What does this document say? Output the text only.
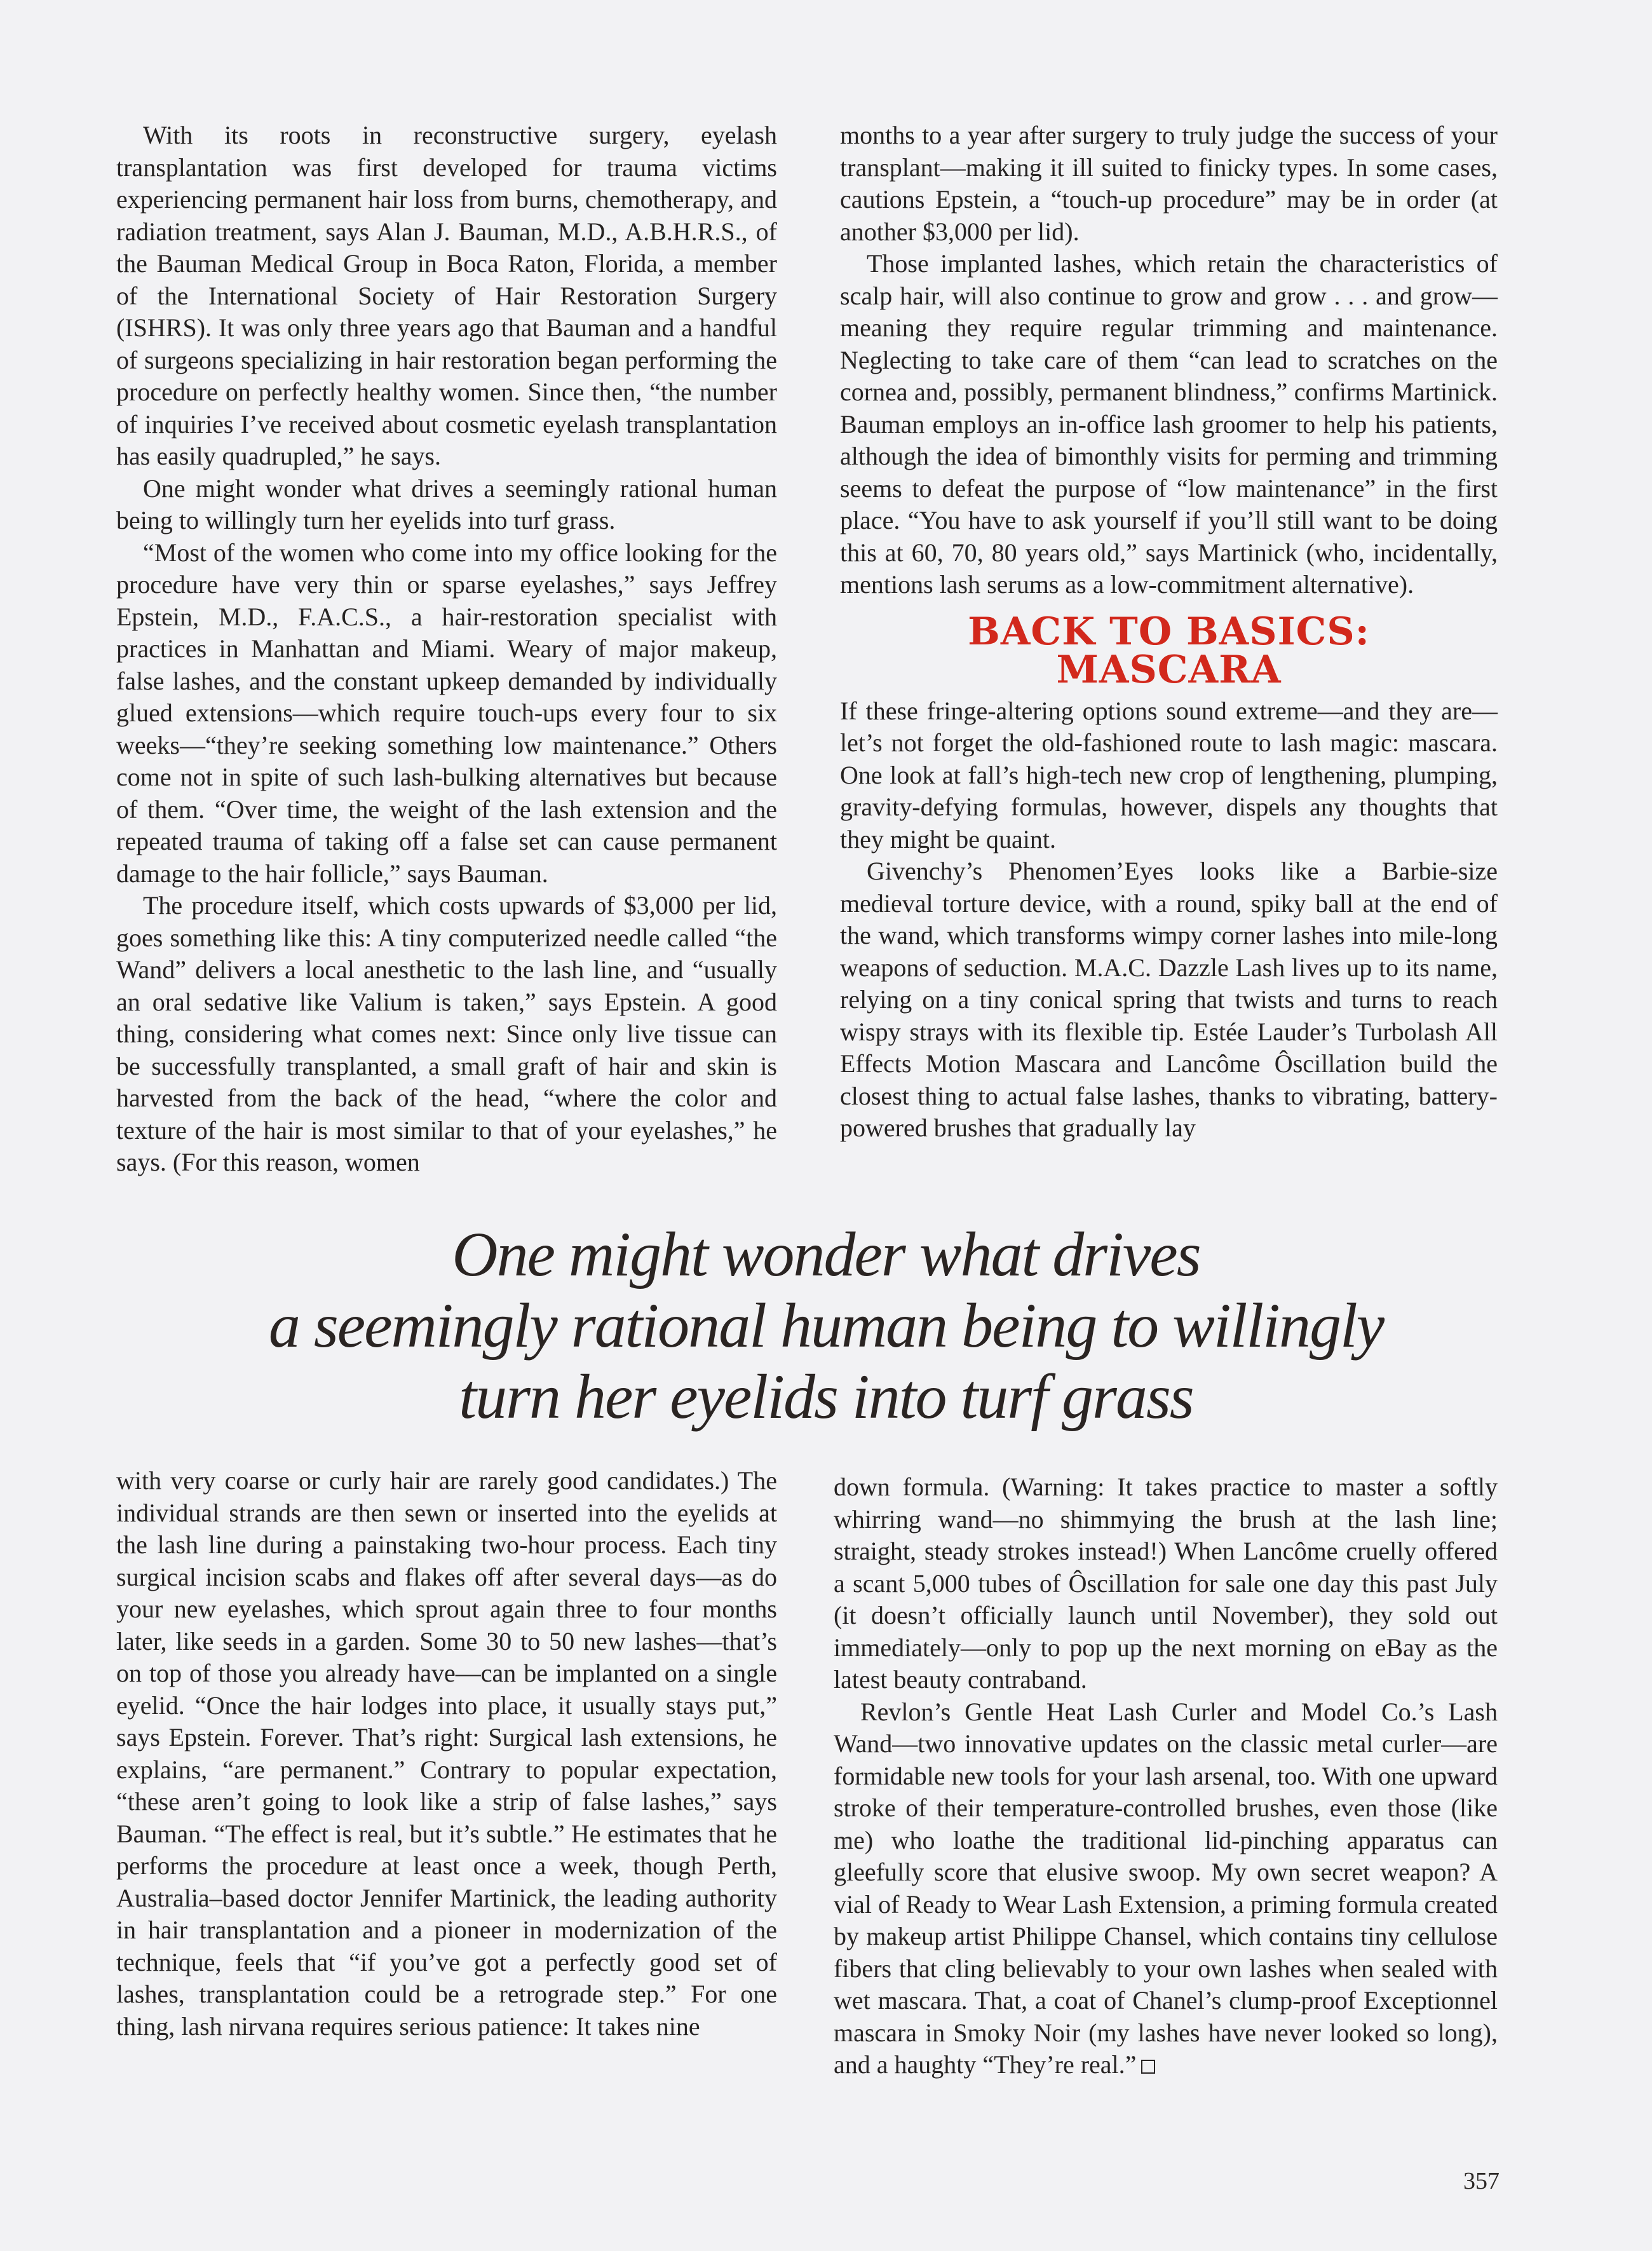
With its roots in reconstructive surgery, eyelash transplantation was first developed for trauma victims experiencing permanent hair loss from burns, chemotherapy, and radiation treatment, says Alan J. Bauman, M.D., A.B.H.R.S., of the Bauman Medical Group in Boca Raton, Florida, a member of the International Society of Hair Restoration Surgery (ISHRS). It was only three years ago that Bauman and a handful of surgeons specializing in hair restoration began performing the procedure on perfectly healthy women. Since then, “the number of inquiries I’ve received about cosmetic eyelash transplantation has easily quadrupled,” he says.

One might wonder what drives a seemingly rational human being to willingly turn her eyelids into turf grass.

“Most of the women who come into my office looking for the procedure have very thin or sparse eyelashes,” says Jeffrey Epstein, M.D., F.A.C.S., a hair-restoration specialist with practices in Manhattan and Miami. Weary of major makeup, false lashes, and the constant upkeep demanded by individually glued extensions—which require touch-ups every four to six weeks—“they’re seeking something low maintenance.” Others come not in spite of such lash-bulking alternatives but because of them. “Over time, the weight of the lash extension and the repeated trauma of taking off a false set can cause permanent damage to the hair follicle,” says Bauman.

The procedure itself, which costs upwards of $3,000 per lid, goes something like this: A tiny computerized needle called “the Wand” delivers a local anesthetic to the lash line, and “usually an oral sedative like Valium is taken,” says Epstein. A good thing, considering what comes next: Since only live tissue can be successfully transplanted, a small graft of hair and skin is harvested from the back of the head, “where the color and texture of the hair is most similar to that of your eyelashes,” he says. (For this reason, women

months to a year after surgery to truly judge the success of your transplant—making it ill suited to finicky types. In some cases, cautions Epstein, a “touch-up procedure” may be in order (at another $3,000 per lid).

Those implanted lashes, which retain the characteristics of scalp hair, will also continue to grow and grow . . . and grow—meaning they require regular trimming and maintenance. Neglecting to take care of them “can lead to scratches on the cornea and, possibly, permanent blindness,” confirms Martinick. Bauman employs an in-office lash groomer to help his patients, although the idea of bimonthly visits for perming and trimming seems to defeat the purpose of “low maintenance” in the first place. “You have to ask yourself if you’ll still want to be doing this at 60, 70, 80 years old,” says Martinick (who, incidentally, mentions lash serums as a low-commitment alternative).

BACK TO BASICS:
MASCARA

If these fringe-altering options sound extreme—and they are—let’s not forget the old-fashioned route to lash magic: mascara. One look at fall’s high-tech new crop of lengthening, plumping, gravity-defying formulas, however, dispels any thoughts that they might be quaint.

Givenchy’s Phenomen’Eyes looks like a Barbie-size medieval torture device, with a round, spiky ball at the end of the wand, which transforms wimpy corner lashes into mile-long weapons of seduction. M.A.C. Dazzle Lash lives up to its name, relying on a tiny conical spring that twists and turns to reach wispy strays with its flexible tip. Estée Lauder’s Turbolash All Effects Motion Mascara and Lancôme Ôscillation build the closest thing to actual false lashes, thanks to vibrating, battery-powered brushes that gradually lay

One might wonder what drives
a seemingly rational human being to willingly
turn her eyelids into turf grass

with very coarse or curly hair are rarely good candidates.) The individual strands are then sewn or inserted into the eyelids at the lash line during a painstaking two-hour process. Each tiny surgical incision scabs and flakes off after several days—as do your new eyelashes, which sprout again three to four months later, like seeds in a garden. Some 30 to 50 new lashes—that’s on top of those you already have—can be implanted on a single eyelid. “Once the hair lodges into place, it usually stays put,” says Epstein. Forever. That’s right: Surgical lash extensions, he explains, “are permanent.” Contrary to popular expectation, “these aren’t going to look like a strip of false lashes,” says Bauman. “The effect is real, but it’s subtle.” He estimates that he performs the procedure at least once a week, though Perth, Australia–based doctor Jennifer Martinick, the leading authority in hair transplantation and a pioneer in modernization of the technique, feels that “if you’ve got a perfectly good set of lashes, transplantation could be a retrograde step.” For one thing, lash nirvana requires serious patience: It takes nine

down formula. (Warning: It takes practice to master a softly whirring wand—no shimmying the brush at the lash line; straight, steady strokes instead!) When Lancôme cruelly offered a scant 5,000 tubes of Ôscillation for sale one day this past July (it doesn’t officially launch until November), they sold out immediately—only to pop up the next morning on eBay as the latest beauty contraband.

Revlon’s Gentle Heat Lash Curler and Model Co.’s Lash Wand—two innovative updates on the classic metal curler—are formidable new tools for your lash arsenal, too. With one upward stroke of their temperature-controlled brushes, even those (like me) who loathe the traditional lid-pinching apparatus can gleefully score that elusive swoop. My own secret weapon? A vial of Ready to Wear Lash Extension, a priming formula created by makeup artist Philippe Chansel, which contains tiny cellulose fibers that cling believably to your own lashes when sealed with wet mascara. That, a coat of Chanel’s clump-proof Exceptionnel mascara in Smoky Noir (my lashes have never looked so long), and a haughty “They’re real.”

357
